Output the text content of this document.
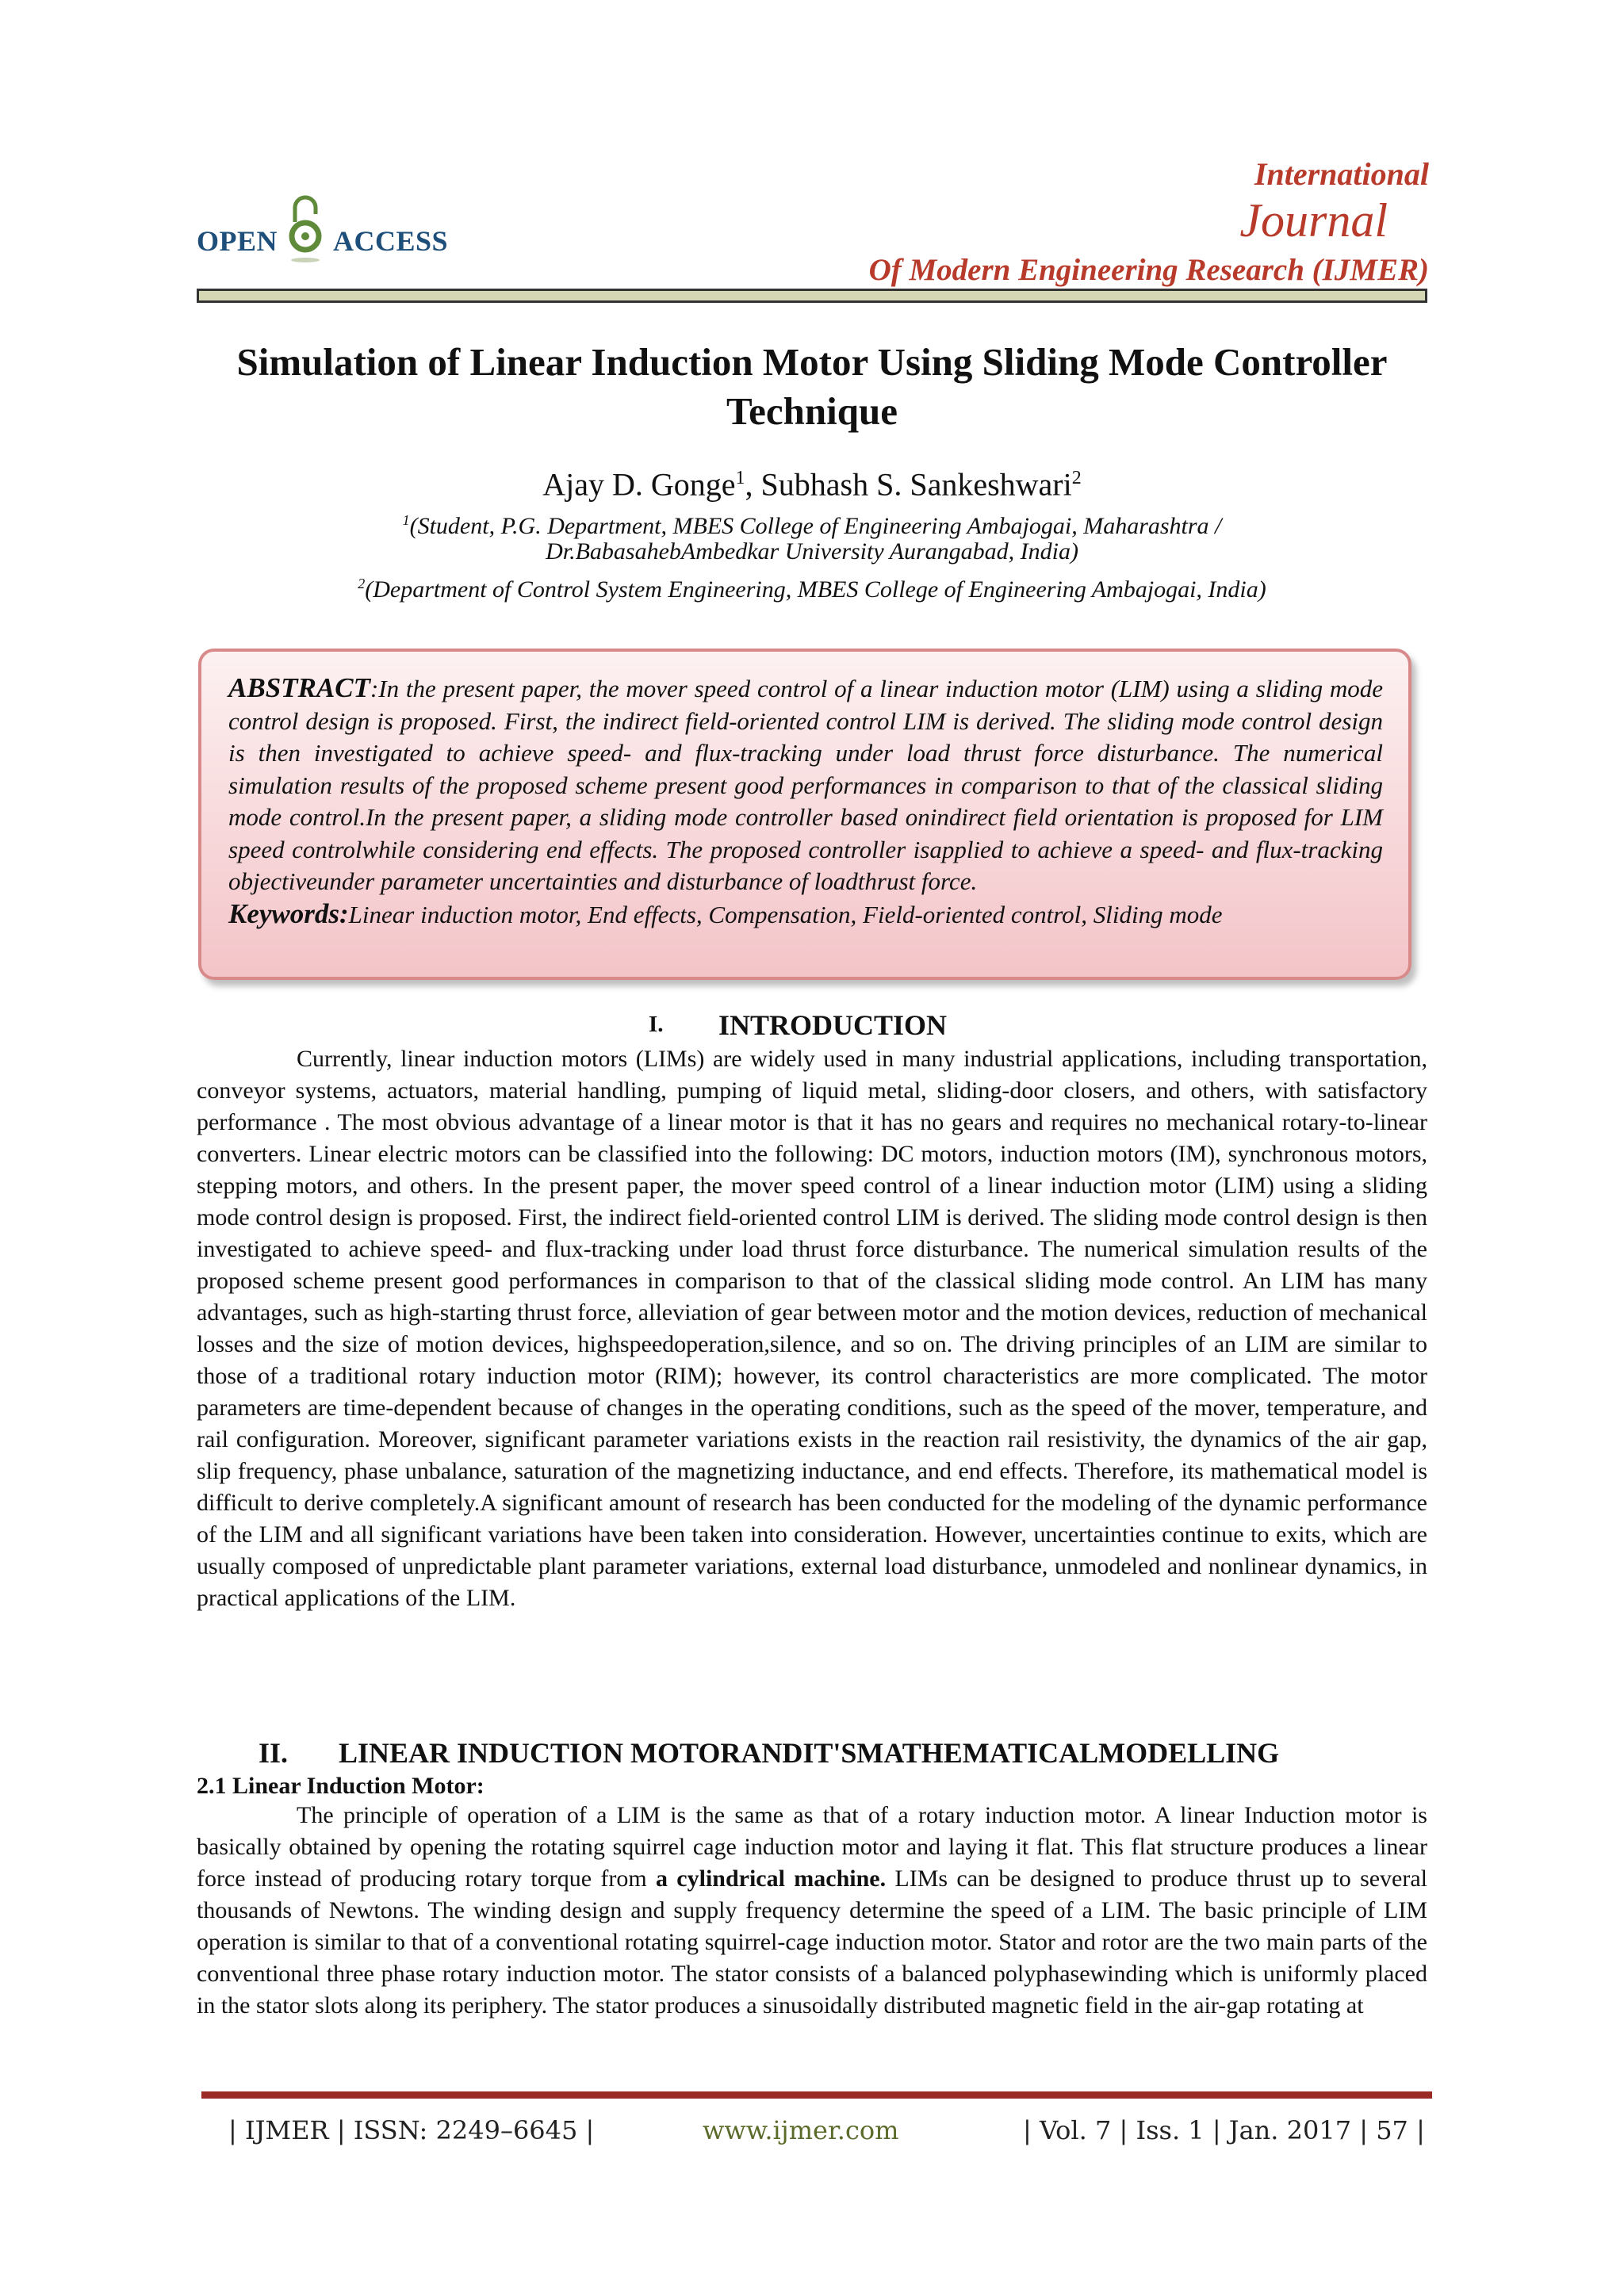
OPEN ACCESS
International
Journal
Of Modern Engineering Research (IJMER)
Simulation of Linear Induction Motor Using Sliding Mode Controller Technique
Ajay D. Gonge$^1$, Subhash S. Sankeshwari$^2$
$^1$(Student, P.G. Department, MBES College of Engineering Ambajogai, Maharashtra /
Dr.BabasahebAmbedkar University Aurangabad, India)
$^2$(Department of Control System Engineering, MBES College of Engineering Ambajogai, India)
ABSTRACT:In the present paper, the mover speed control of a linear induction motor (LIM) using a sliding mode control design is proposed. First, the indirect field-oriented control LIM is derived. The sliding mode control design is then investigated to achieve speed- and flux-tracking under load thrust force disturbance. The numerical simulation results of the proposed scheme present good performances in comparison to that of the classical sliding mode control.In the present paper, a sliding mode controller based onindirect field orientation is proposed for LIM speed controlwhile considering end effects. The proposed controller isapplied to achieve a speed- and flux-tracking objectiveunder parameter uncertainties and disturbance of loadthrust force.
Keywords:Linear induction motor, End effects, Compensation, Field-oriented control, Sliding mode
I. INTRODUCTION
Currently, linear induction motors (LIMs) are widely used in many industrial applications, including transportation, conveyor systems, actuators, material handling, pumping of liquid metal, sliding-door closers, and others, with satisfactory performance . The most obvious advantage of a linear motor is that it has no gears and requires no mechanical rotary-to-linear converters. Linear electric motors can be classified into the following: DC motors, induction motors (IM), synchronous motors, stepping motors, and others. In the present paper, the mover speed control of a linear induction motor (LIM) using a sliding mode control design is proposed. First, the indirect field-oriented control LIM is derived. The sliding mode control design is then investigated to achieve speed- and flux-tracking under load thrust force disturbance. The numerical simulation results of the proposed scheme present good performances in comparison to that of the classical sliding mode control. An LIM has many advantages, such as high-starting thrust force, alleviation of gear between motor and the motion devices, reduction of mechanical losses and the size of motion devices, highspeedoperation,silence, and so on. The driving principles of an LIM are similar to those of a traditional rotary induction motor (RIM); however, its control characteristics are more complicated. The motor parameters are time-dependent because of changes in the operating conditions, such as the speed of the mover, temperature, and rail configuration. Moreover, significant parameter variations exists in the reaction rail resistivity, the dynamics of the air gap, slip frequency, phase unbalance, saturation of the magnetizing inductance, and end effects. Therefore, its mathematical model is difficult to derive completely.A significant amount of research has been conducted for the modeling of the dynamic performance of the LIM and all significant variations have been taken into consideration. However, uncertainties continue to exits, which are usually composed of unpredictable plant parameter variations, external load disturbance, unmodeled and nonlinear dynamics, in practical applications of the LIM.
II. LINEAR INDUCTION MOTORANDIT'SMATHEMATICALMODELLING
2.1 Linear Induction Motor:
The principle of operation of a LIM is the same as that of a rotary induction motor. A linear Induction motor is basically obtained by opening the rotating squirrel cage induction motor and laying it flat. This flat structure produces a linear force instead of producing rotary torque from a cylindrical machine. LIMs can be designed to produce thrust up to several thousands of Newtons. The winding design and supply frequency determine the speed of a LIM. The basic principle of LIM operation is similar to that of a conventional rotating squirrel-cage induction motor. Stator and rotor are the two main parts of the conventional three phase rotary induction motor. The stator consists of a balanced polyphasewinding which is uniformly placed in the stator slots along its periphery. The stator produces a sinusoidally distributed magnetic field in the air-gap rotating at
| IJMER | ISSN: 2249–6645 |	www.ijmer.com	| Vol. 7 | Iss. 1 | Jan. 2017 | 57 |
